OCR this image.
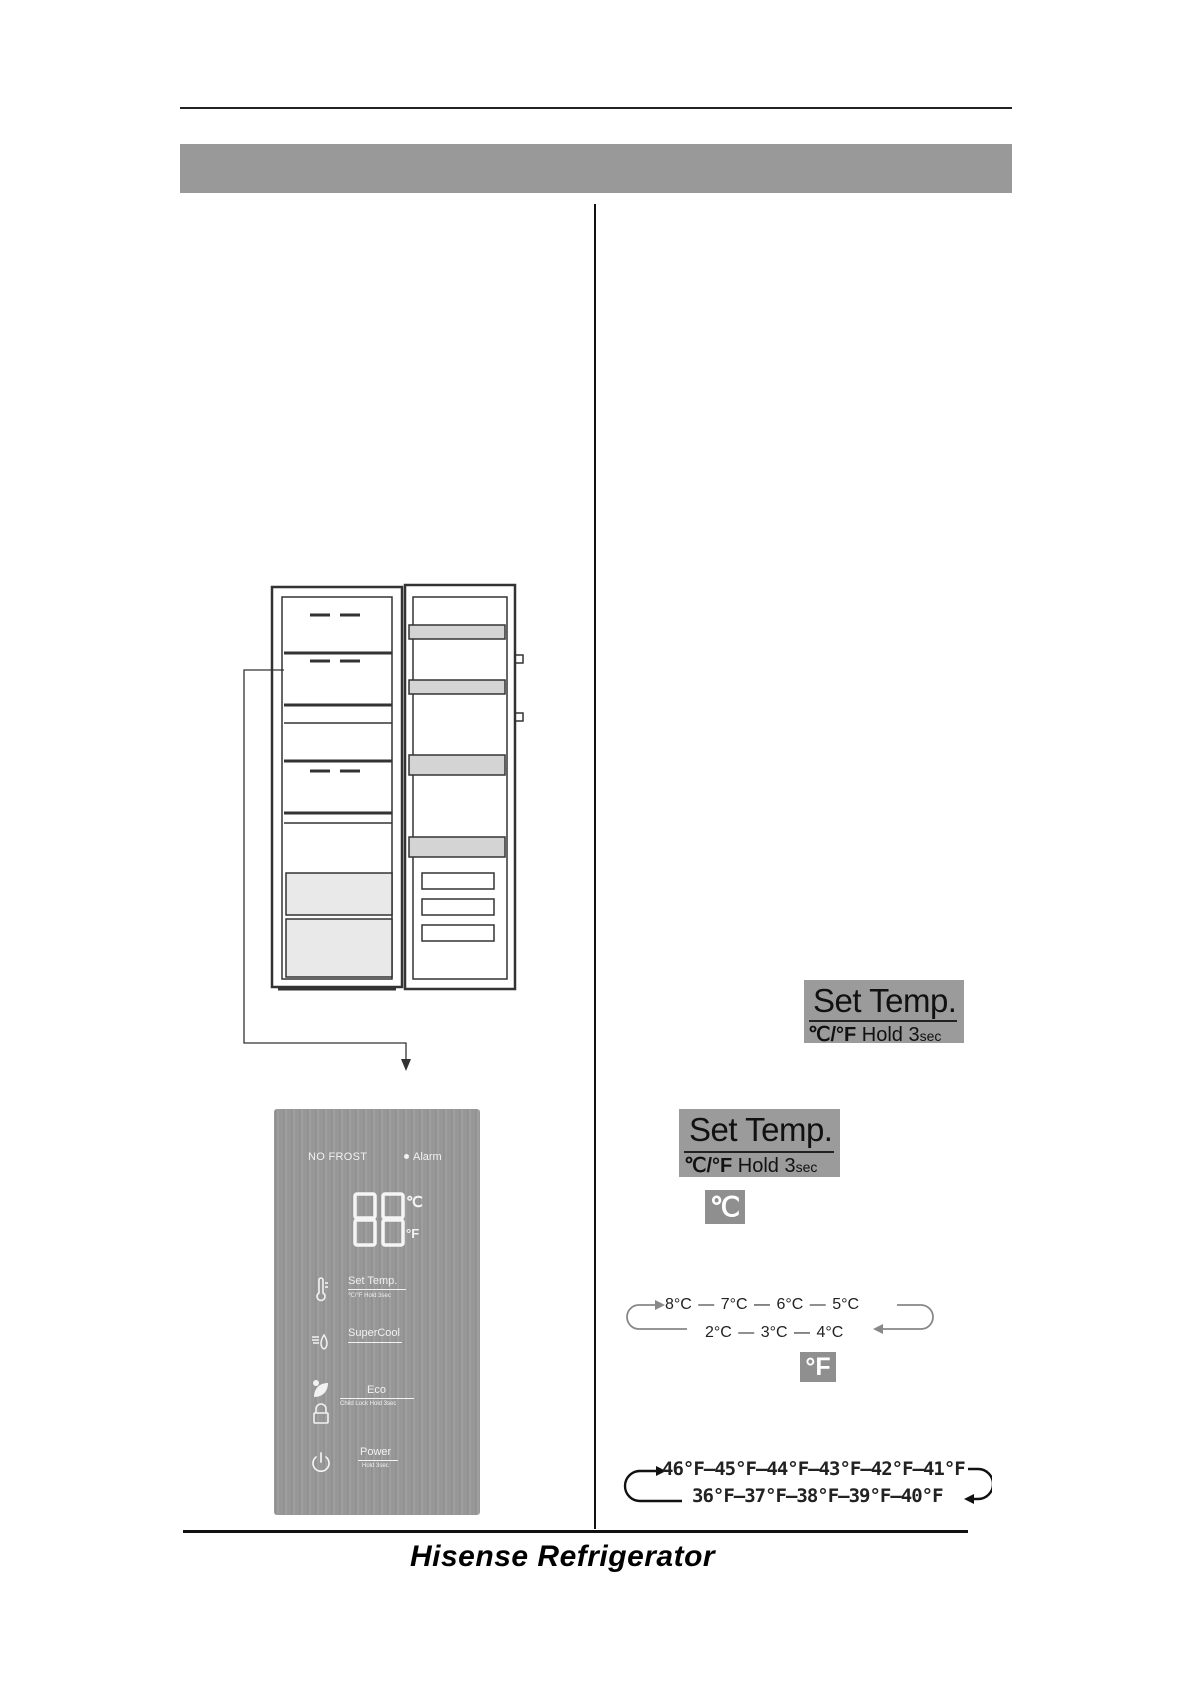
NO FROST	Alarm
℃
°F
Set Temp.
℃/°F Hold 3sec
SuperCool
Eco
Child Lock Hold 3sec
Power
Hold 3sec
Set Temp.
℃/°F Hold 3sec
Set Temp.
℃/°F Hold 3sec
℃
°F
8°C — 7°C — 6°C — 5°C
2°C — 3°C — 4°C
46°F—45°F—44°F—43°F—42°F—41°F
36°F—37°F—38°F—39°F—40°F
Hisense Refrigerator
